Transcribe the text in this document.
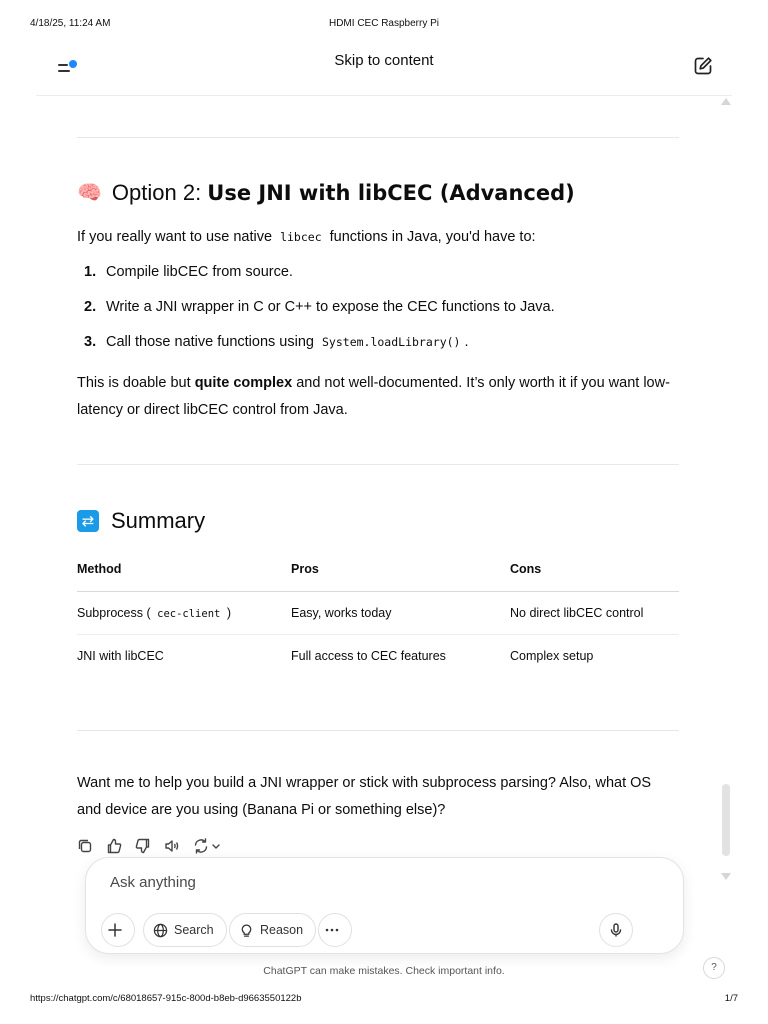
4/18/25, 11:24 AM	HDMI CEC Raspberry Pi
Skip to content
🧠 Option 2: Use JNI with libCEC (Advanced)
If you really want to use native libcec functions in Java, you'd have to:
1. Compile libCEC from source.
2. Write a JNI wrapper in C or C++ to expose the CEC functions to Java.
3. Call those native functions using System.loadLibrary() .
This is doable but quite complex and not well-documented. It’s only worth it if you want low-latency or direct libCEC control from Java.
⇄
Summary
Method	Pros	Cons
Subprocess ( cec-client )	Easy, works today	No direct libCEC control
JNI with libCEC	Full access to CEC features	Complex setup
Want me to help you build a JNI wrapper or stick with subprocess parsing? Also, what OS and device are you using (Banana Pi or something else)?
Ask anything
Search	Reason
ChatGPT can make mistakes. Check important info.	?
https://chatgpt.com/c/68018657-915c-800d-b8eb-d9663550122b	1/7
